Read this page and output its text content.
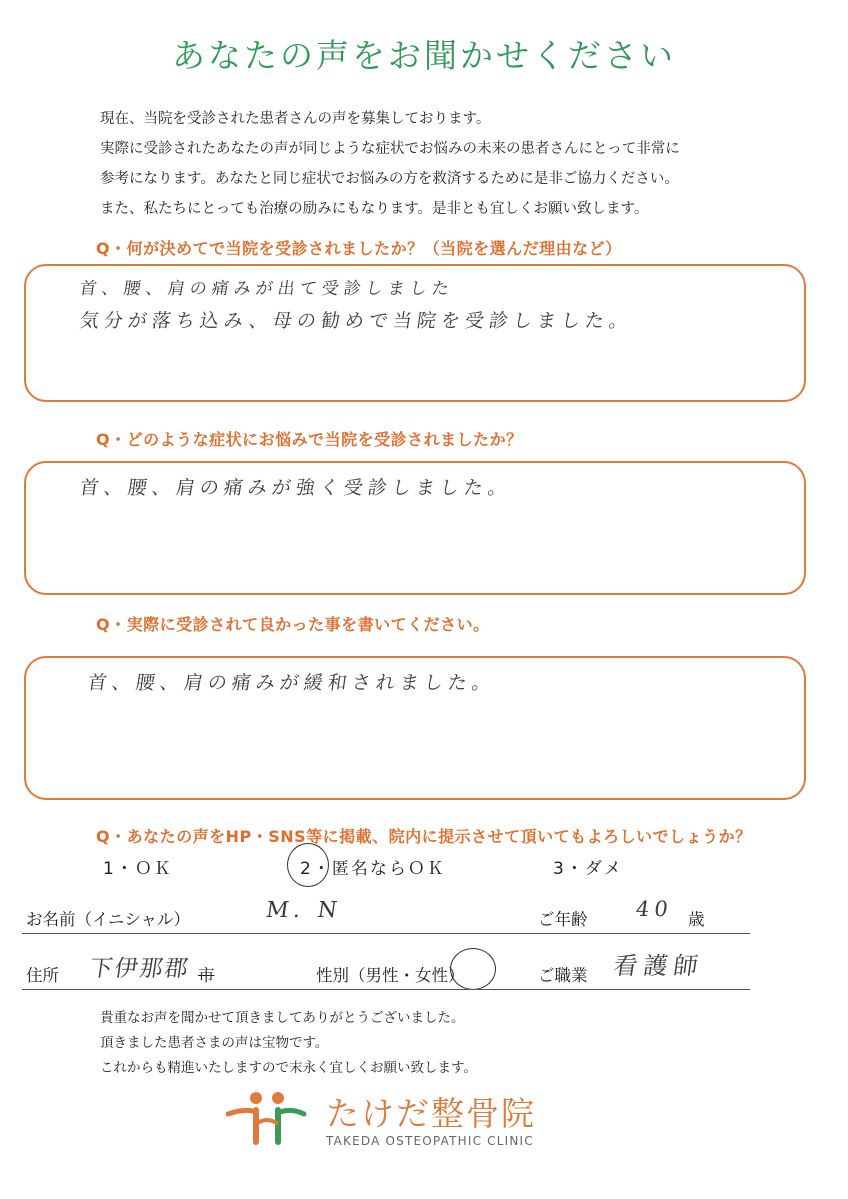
あなたの声をお聞かせください
現在、当院を受診された患者さんの声を募集しております。
実際に受診されたあなたの声が同じような症状でお悩みの未来の患者さんにとって非常に
参考になります。あなたと同じ症状でお悩みの方を救済するために是非ご協力ください。
また、私たちにとっても治療の励みにもなります。是非とも宜しくお願い致します。
Q・何が決めてで当院を受診されましたか？（当院を選んだ理由など）
首、腰、肩の痛みが出て受診しました
気分が落ち込み、母の勧めで当院を受診しました。
Q・どのような症状にお悩みで当院を受診されましたか？
首、腰、肩の痛みが強く受診しました。
Q・実際に受診されて良かった事を書いてください。
首、腰、肩の痛みが緩和されました。
Q・あなたの声をHP・SNS等に掲載、院内に提示させて頂いてもよろしいでしょうか？
1・ＯＫ	2・匿名ならＯＫ	3・ダメ
お名前（イニシャル）	M. N	ご年齢 40 歳
住所 下伊那郡 市	性別（男性・女性）	ご職業 看護師
貴重なお声を聞かせて頂きましてありがとうございました。
頂きました患者さまの声は宝物です。
これからも精進いたしますので末永く宜しくお願い致します。
たけだ整骨院
TAKEDA OSTEOPATHIC CLINIC
